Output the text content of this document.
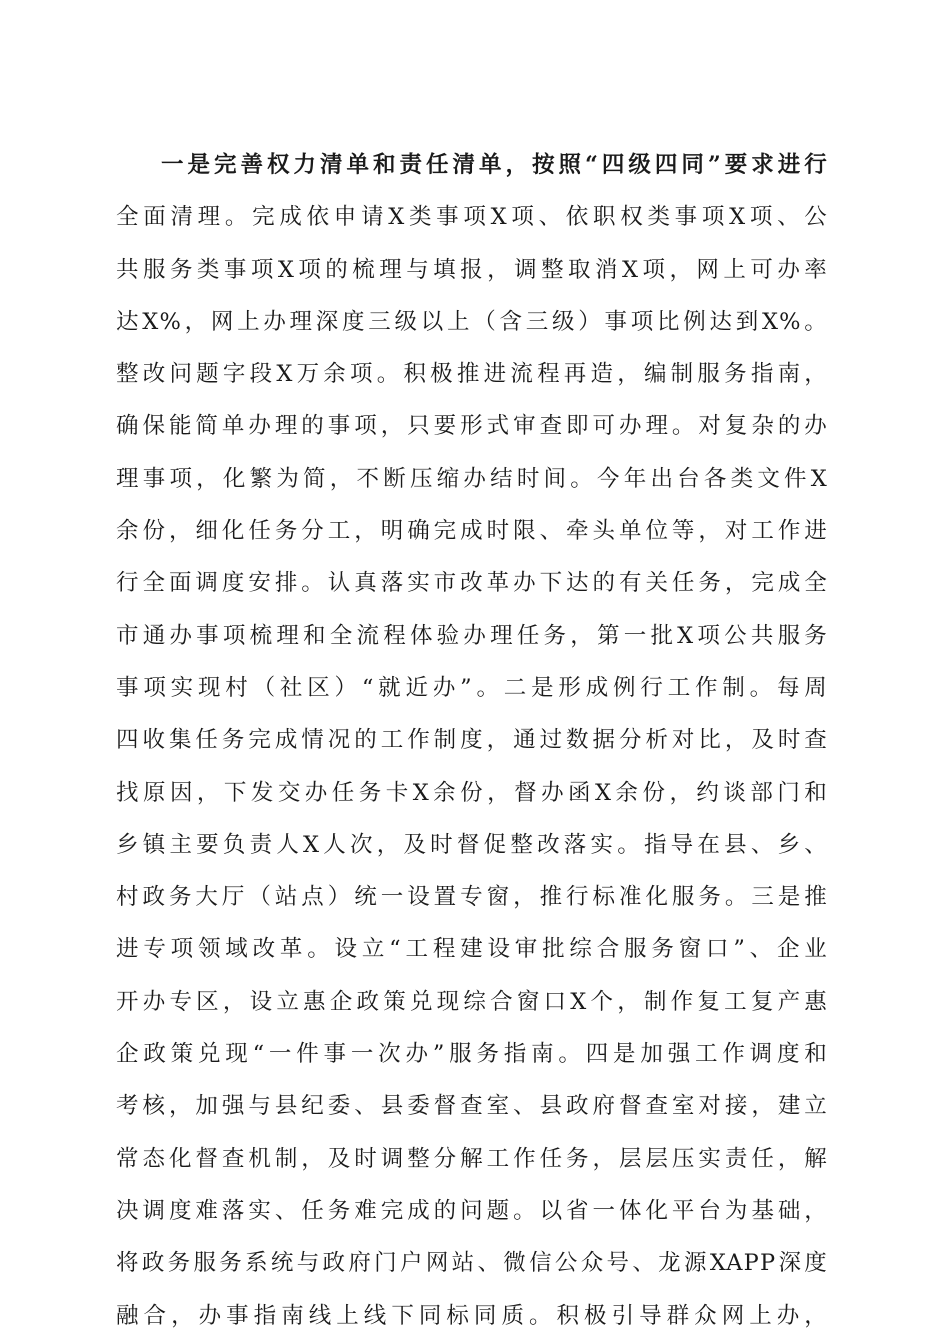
一是完善权力清单和责任清单，按照“四级四同”要求进行
全面清理。完成依申请X类事项X项、依职权类事项X项、公
共服务类事项X项的梳理与填报，调整取消X项，网上可办率
达X%，网上办理深度三级以上（含三级）事项比例达到X%。
整改问题字段X万余项。积极推进流程再造，编制服务指南，
确保能简单办理的事项，只要形式审查即可办理。对复杂的办
理事项，化繁为简，不断压缩办结时间。今年出台各类文件X
余份，细化任务分工，明确完成时限、牵头单位等，对工作进
行全面调度安排。认真落实市改革办下达的有关任务，完成全
市通办事项梳理和全流程体验办理任务，第一批X项公共服务
事项实现村（社区）“就近办”。二是形成例行工作制。每周
四收集任务完成情况的工作制度，通过数据分析对比，及时查
找原因，下发交办任务卡X余份，督办函X余份，约谈部门和
乡镇主要负责人X人次，及时督促整改落实。指导在县、乡、
村政务大厅（站点）统一设置专窗，推行标准化服务。三是推
进专项领域改革。设立“工程建设审批综合服务窗口”、企业
开办专区，设立惠企政策兑现综合窗口X个，制作复工复产惠
企政策兑现“一件事一次办”服务指南。四是加强工作调度和
考核，加强与县纪委、县委督查室、县政府督查室对接，建立
常态化督查机制，及时调整分解工作任务，层层压实责任，解
决调度难落实、任务难完成的问题。以省一体化平台为基础，
将政务服务系统与政府门户网站、微信公众号、龙源XAPP深度
融合，办事指南线上线下同标同质。积极引导群众网上办，
